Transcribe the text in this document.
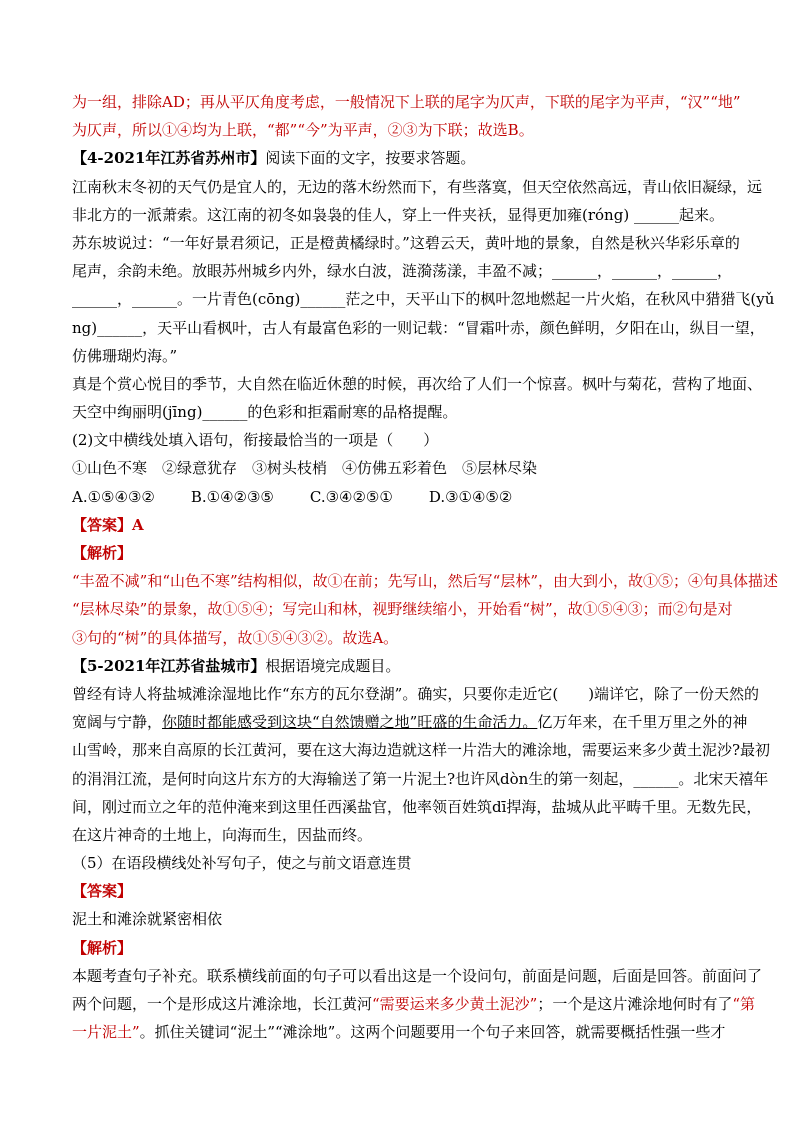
为一组，排除AD；再从平仄角度考虑，一般情况下上联的尾字为仄声，下联的尾字为平声，“汉”“地”
为仄声，所以①④均为上联，“都”“今”为平声，②③为下联；故选B。
【4-2021年江苏省苏州市】阅读下面的文字，按要求答题。
江南秋末冬初的天气仍是宜人的，无边的落木纷然而下，有些落寞，但天空依然高远，青山依旧凝绿，远
非北方的一派萧索。这江南的初冬如袅袅的佳人，穿上一件夹袄，显得更加雍(róng) ______起来。
苏东坡说过：“一年好景君须记，正是橙黄橘绿时。”这碧云天，黄叶地的景象，自然是秋兴华彩乐章的
尾声，余韵未绝。放眼苏州城乡内外，绿水白波，涟漪荡漾，丰盈不减；______，______，______，
______，______。一片青色(cōng)______茫之中，天平山下的枫叶忽地燃起一片火焰，在秋风中猎猎飞(yǔ
ng)______，天平山看枫叶，古人有最富色彩的一则记载：“冒霜叶赤，颜色鲜明，夕阳在山，纵目一望，
仿佛珊瑚灼海。”
真是个赏心悦目的季节，大自然在临近休憩的时候，再次给了人们一个惊喜。枫叶与菊花，营构了地面、
天空中绚丽明(jīng)______的色彩和拒霜耐寒的品格提醒。
(2)文中横线处填入语句，衔接最恰当的一项是（　　）
①山色不寒　②绿意犹存　③树头枝梢　④仿佛五彩着色　⑤层林尽染
A.①⑤④③② B.①④②③⑤ C.③④②⑤① D.③①④⑤②
【答案】A
【解析】
“丰盈不减”和“山色不寒”结构相似，故①在前；先写山，然后写“层林”，由大到小，故①⑤；④句具体描述
“层林尽染”的景象，故①⑤④；写完山和林，视野继续缩小，开始看“树”，故①⑤④③；而②句是对
③句的“树”的具体描写，故①⑤④③②。故选A。
【5-2021年江苏省盐城市】根据语境完成题目。
曾经有诗人将盐城滩涂湿地比作“东方的瓦尔登湖”。确实，只要你走近它(　　)端详它，除了一份天然的
宽阔与宁静，你随时都能感受到这块“自然馈赠之地”旺盛的生命活力。亿万年来，在千里万里之外的神
山雪岭，那来自高原的长江黄河，要在这大海边造就这样一片浩大的滩涂地，需要运来多少黄土泥沙?最初
的涓涓江流，是何时向这片东方的大海输送了第一片泥土?也许风dòn生的第一刻起，______。北宋天禧年
间，刚过而立之年的范仲淹来到这里任西溪盐官，他率领百姓筑dī捍海，盐城从此平畴千里。无数先民，
在这片神奇的土地上，向海而生，因盐而终。
（5）在语段横线处补写句子，使之与前文语意连贯
【答案】
泥土和滩涂就紧密相依
【解析】
本题考查句子补充。联系横线前面的句子可以看出这是一个设问句，前面是问题，后面是回答。前面问了
两个问题，一个是形成这片滩涂地，长江黄河“需要运来多少黄土泥沙”；一个是这片滩涂地何时有了“第
一片泥土”。抓住关键词“泥土”“滩涂地”。这两个问题要用一个句子来回答，就需要概括性强一些才
